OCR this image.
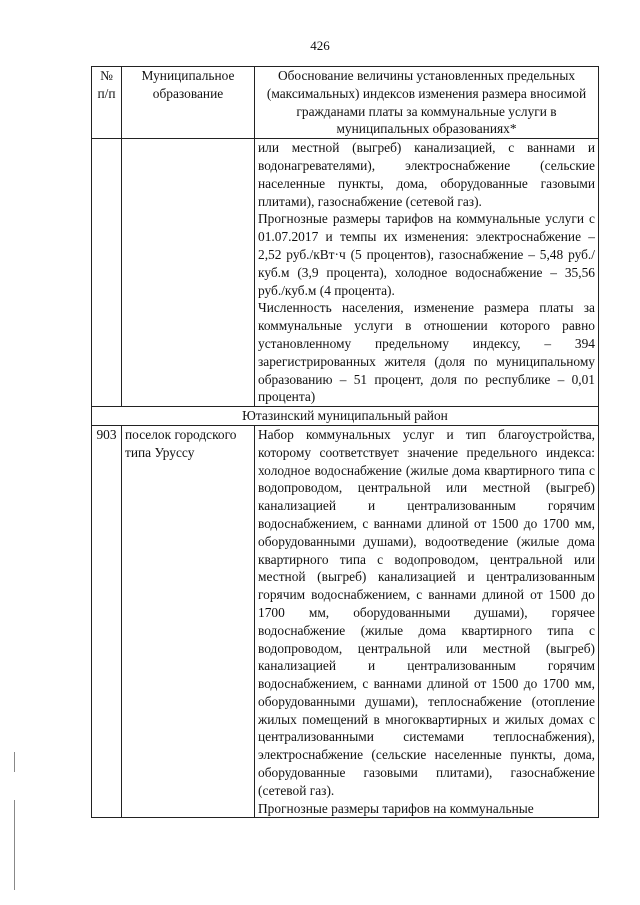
426
№ п/п	Муниципальное образование	Обоснование величины установленных предельных (максимальных) индексов изменения размера вносимой гражданами платы за коммунальные услуги в муниципальных образованиях*

		или местной (выгреб) канализацией, с ваннами и водонагревателями), электроснабжение (сельские населенные пункты, дома, оборудованные газовыми плитами), газоснабжение (сетевой газ).

Прогнозные размеры тарифов на коммунальные услуги с 01.07.2017 и темпы их изменения: электроснабжение – 2,52 руб./кВт·ч (5 процентов), газоснабжение – 5,48 руб./куб.м (3,9 процента), холодное водоснабжение – 35,56 руб./куб.м (4 процента).

Численность населения, изменение размера платы за коммунальные услуги в отношении которого равно установленному предельному индексу, – 394 зарегистрированных жителя (доля по муниципальному образованию – 51 процент, доля по республике – 0,01 процента)

Ютазинский муниципальный район		
903	поселок городского типа Уруссу	Набор коммунальных услуг и тип благоустройства, которому соответствует значение предельного индекса: холодное водоснабжение (жилые дома квартирного типа с водопроводом, центральной или местной (выгреб) канализацией и централизованным горячим водоснабжением, с ваннами длиной от 1500 до 1700 мм, оборудованными душами), водоотведение (жилые дома квартирного типа с водопроводом, центральной или местной (выгреб) канализацией и централизованным горячим водоснабжением, с ваннами длиной от 1500 до 1700 мм, оборудованными душами), горячее водоснабжение (жилые дома квартирного типа с водопроводом, центральной или местной (выгреб) канализацией и централизованным горячим водоснабжением, с ваннами длиной от 1500 до 1700 мм, оборудованными душами), теплоснабжение (отопление жилых помещений в многоквартирных и жилых домах с централизованными системами теплоснабжения), электроснабжение (сельские населенные пункты, дома, оборудованные газовыми плитами), газоснабжение (сетевой газ).

Прогнозные размеры тарифов на коммунальные
